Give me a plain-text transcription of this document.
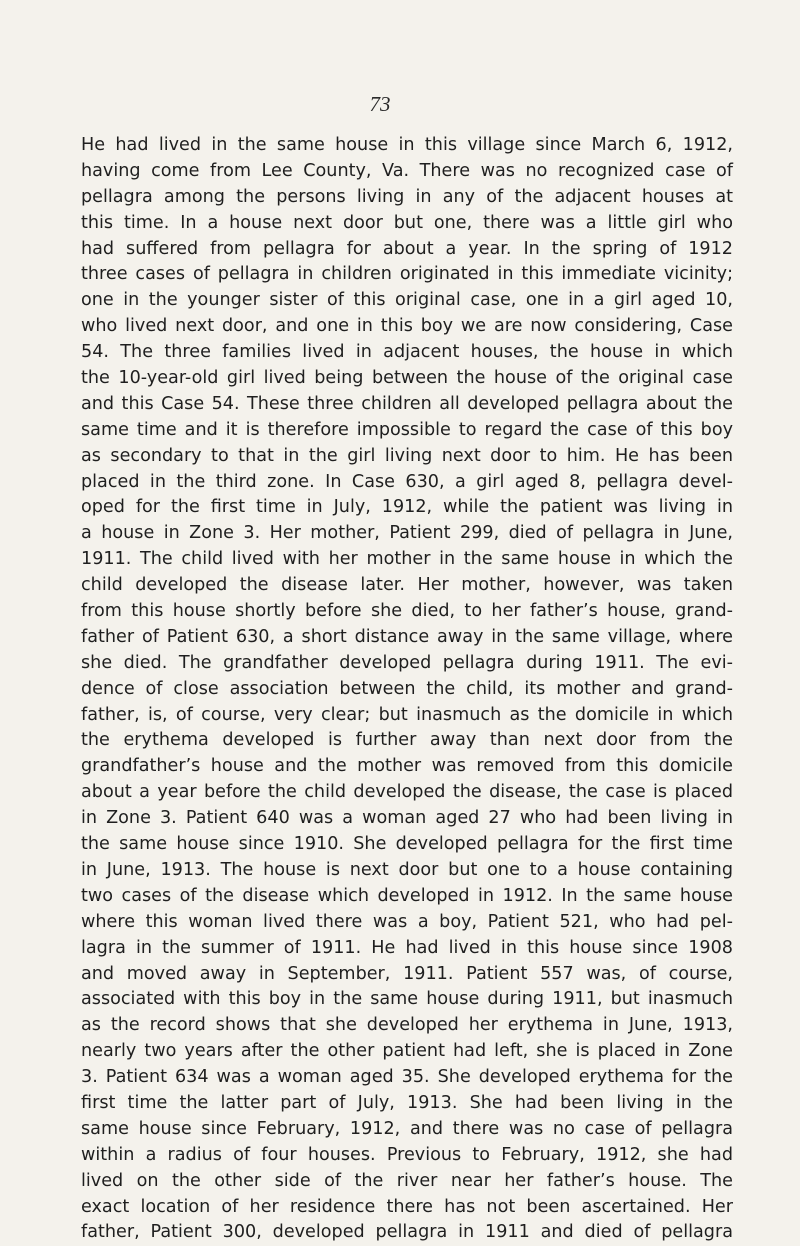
73
He had lived in the same house in this village since March 6, 1912,
having come from Lee County, Va. There was no recognized case of
pellagra among the persons living in any of the adjacent houses at
this time. In a house next door but one, there was a little girl who
had suffered from pellagra for about a year. In the spring of 1912
three cases of pellagra in children originated in this immediate vicinity;
one in the younger sister of this original case, one in a girl aged 10,
who lived next door, and one in this boy we are now considering, Case
54. The three families lived in adjacent houses, the house in which
the 10-year-old girl lived being between the house of the original case
and this Case 54. These three children all developed pellagra about the
same time and it is therefore impossible to regard the case of this boy
as secondary to that in the girl living next door to him. He has been
placed in the third zone. In Case 630, a girl aged 8, pellagra devel-
oped for the first time in July, 1912, while the patient was living in
a house in Zone 3. Her mother, Patient 299, died of pellagra in June,
1911. The child lived with her mother in the same house in which the
child developed the disease later. Her mother, however, was taken
from this house shortly before she died, to her father’s house, grand-
father of Patient 630, a short distance away in the same village, where
she died. The grandfather developed pellagra during 1911. The evi-
dence of close association between the child, its mother and grand-
father, is, of course, very clear; but inasmuch as the domicile in which
the erythema developed is further away than next door from the
grandfather’s house and the mother was removed from this domicile
about a year before the child developed the disease, the case is placed
in Zone 3. Patient 640 was a woman aged 27 who had been living in
the same house since 1910. She developed pellagra for the first time
in June, 1913. The house is next door but one to a house containing
two cases of the disease which developed in 1912. In the same house
where this woman lived there was a boy, Patient 521, who had pel-
lagra in the summer of 1911. He had lived in this house since 1908
and moved away in September, 1911. Patient 557 was, of course,
associated with this boy in the same house during 1911, but inasmuch
as the record shows that she developed her erythema in June, 1913,
nearly two years after the other patient had left, she is placed in Zone
3. Patient 634 was a woman aged 35. She developed erythema for the
first time the latter part of July, 1913. She had been living in the
same house since February, 1912, and there was no case of pellagra
within a radius of four houses. Previous to February, 1912, she had
lived on the other side of the river near her father’s house. The
exact location of her residence there has not been ascertained. Her
father, Patient 300, developed pellagra in 1911 and died of pellagra
